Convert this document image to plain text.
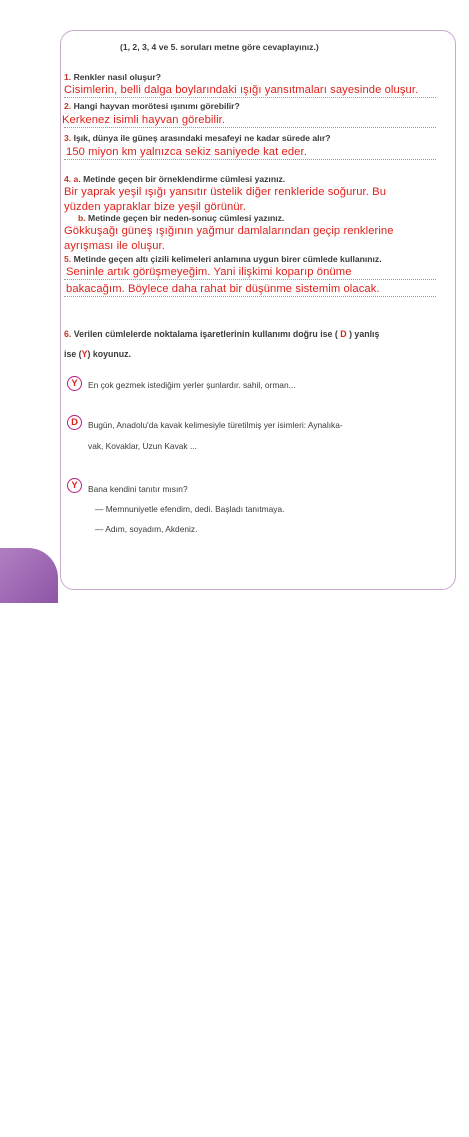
164
(1, 2, 3, 4 ve 5. soruları metne göre cevaplayınız.)
1. Renkler nasıl oluşur?
Cisimlerin, belli dalga boylarındaki ışığı yansıtmaları sayesinde oluşur.
2. Hangi hayvan morötesi ışınımı görebilir?
Kerkenez isimli hayvan görebilir.
3. Işık, dünya ile güneş arasındaki mesafeyi ne kadar sürede alır?
150 miyon km yalnızca sekiz saniyede kat eder.
4. a. Metinde geçen bir örneklendirme cümlesi yazınız.
Bir yaprak yeşil ışığı yansıtır üstelik diğer renkleride soğurur. Bu
yüzden yapraklar bize yeşil görünür.
b. Metinde geçen bir neden-sonuç cümlesi yazınız.
Gökkuşağı güneş ışığının yağmur damlalarından geçip renklerine
ayrışması ile oluşur.
5. Metinde geçen altı çizili kelimeleri anlamına uygun birer cümlede kullanınız.
Seninle artık görüşmeyeğim. Yani ilişkimi koparıp önüme
bakacağım. Böylece daha rahat bir düşünme sistemim olacak.
6. Verilen cümlelerde noktalama işaretlerinin kullanımı doğru ise ( D ) yanlış
ise (Y) koyunuz.
Y	En çok gezmek istediğim yerler şunlardır. sahil, orman...
D	Bugün, Anadolu'da kavak kelimesiyle türetilmiş yer isimleri: Aynalıka-
vak, Kovaklar, Uzun Kavak ...
Y	Bana kendini tanıtır mısın?
— Memnuniyetle efendim, dedi. Başladı tanıtmaya.
— Adım, soyadım, Akdeniz.
